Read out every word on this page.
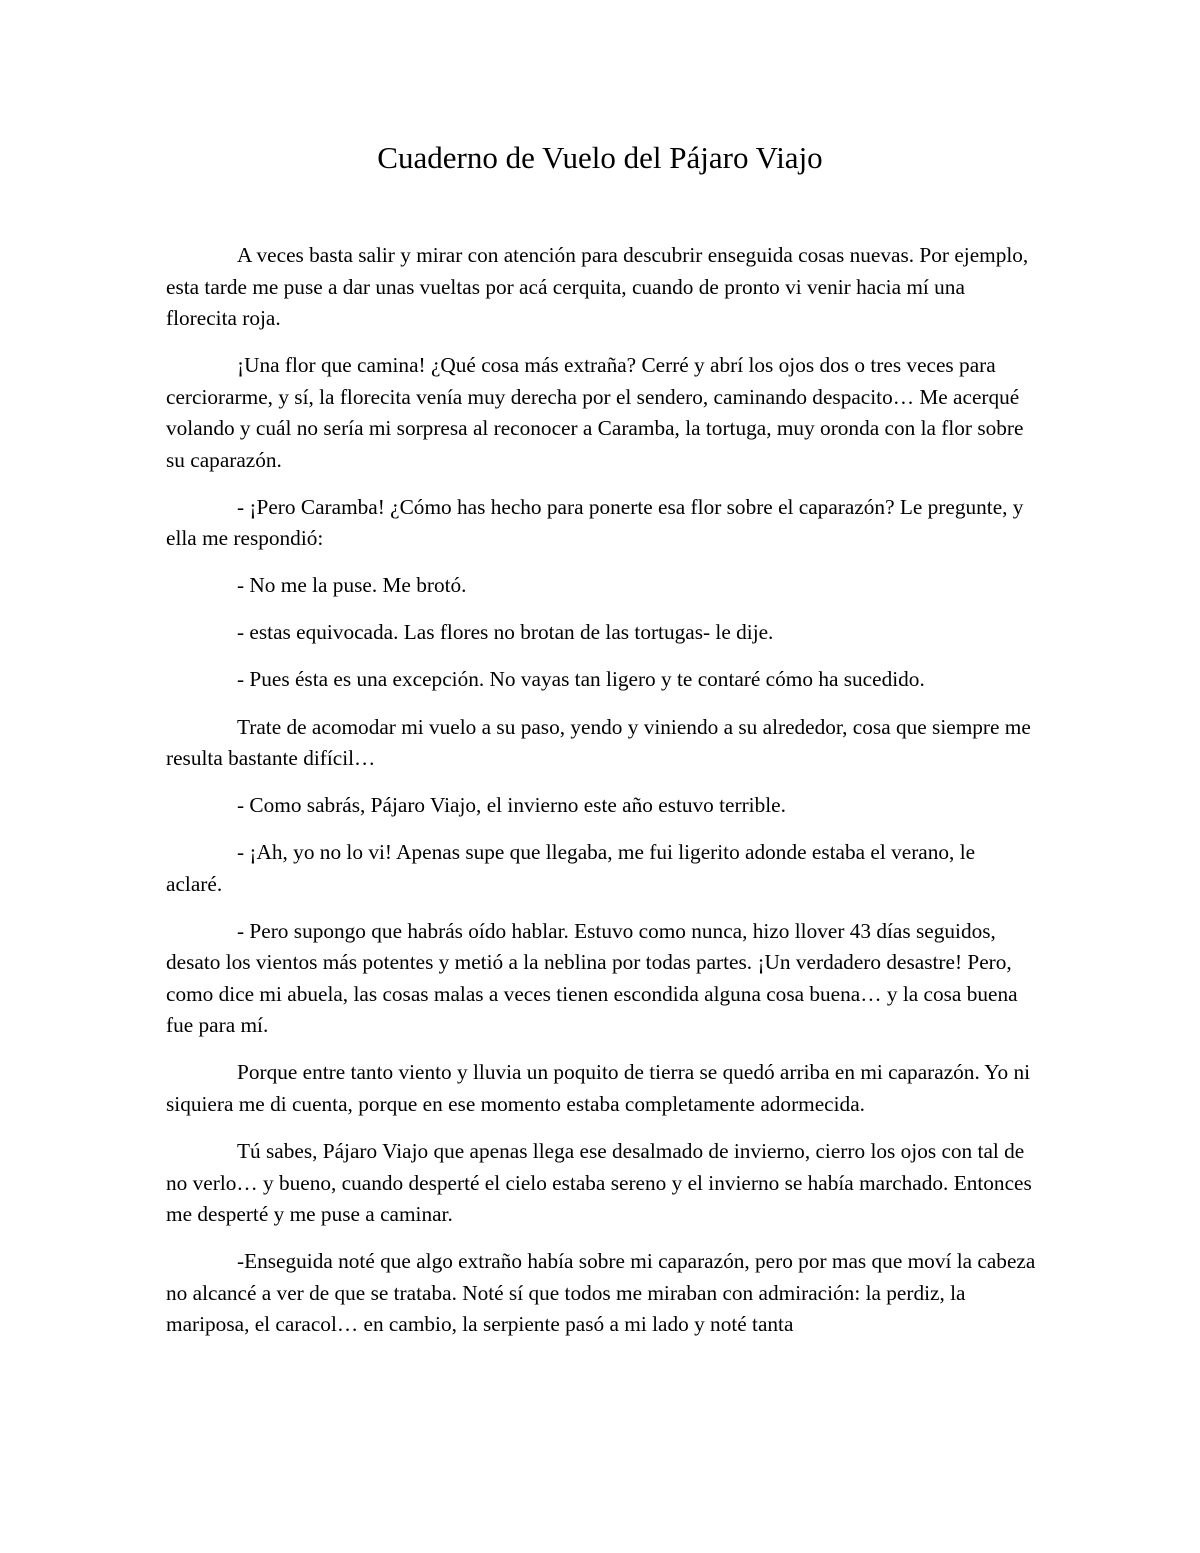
Cuaderno de Vuelo del Pájaro Viajo

A veces basta salir y mirar con atención para descubrir enseguida cosas nuevas. Por ejemplo, esta tarde me puse a dar unas vueltas por acá cerquita, cuando de pronto vi venir hacia mí una florecita roja.

¡Una flor que camina! ¿Qué cosa más extraña? Cerré y abrí los ojos dos o tres veces para cerciorarme, y sí, la florecita venía muy derecha por el sendero, caminando despacito… Me acerqué volando y cuál no sería mi sorpresa al reconocer a Caramba, la tortuga, muy oronda con la flor sobre su caparazón.

- ¡Pero Caramba! ¿Cómo has hecho para ponerte esa flor sobre el caparazón? Le pregunte, y ella me respondió:

- No me la puse. Me brotó.

- estas equivocada. Las flores no brotan de las tortugas- le dije.

- Pues ésta es una excepción. No vayas tan ligero y te contaré cómo ha sucedido.

Trate de acomodar mi vuelo a su paso, yendo y viniendo a su alrededor, cosa que siempre me resulta bastante difícil…

- Como sabrás, Pájaro Viajo, el invierno este año estuvo terrible.

- ¡Ah, yo no lo vi! Apenas supe que llegaba, me fui ligerito adonde estaba el verano, le aclaré.

- Pero supongo que habrás oído hablar. Estuvo como nunca, hizo llover 43 días seguidos, desato los vientos más potentes y metió a la neblina por todas partes. ¡Un verdadero desastre! Pero, como dice mi abuela, las cosas malas a veces tienen escondida alguna cosa buena… y la cosa buena fue para mí.

Porque entre tanto viento y lluvia un poquito de tierra se quedó arriba en mi caparazón. Yo ni siquiera me di cuenta, porque en ese momento estaba completamente adormecida.

Tú sabes, Pájaro Viajo que apenas llega ese desalmado de invierno, cierro los ojos con tal de no verlo… y bueno, cuando desperté el cielo estaba sereno y el invierno se había marchado. Entonces me desperté y me puse a caminar.

-Enseguida noté que algo extraño había sobre mi caparazón, pero por mas que moví la cabeza no alcancé a ver de que se trataba. Noté sí que todos me miraban con admiración: la perdiz, la mariposa, el caracol… en cambio, la serpiente pasó a mi lado y noté tanta
